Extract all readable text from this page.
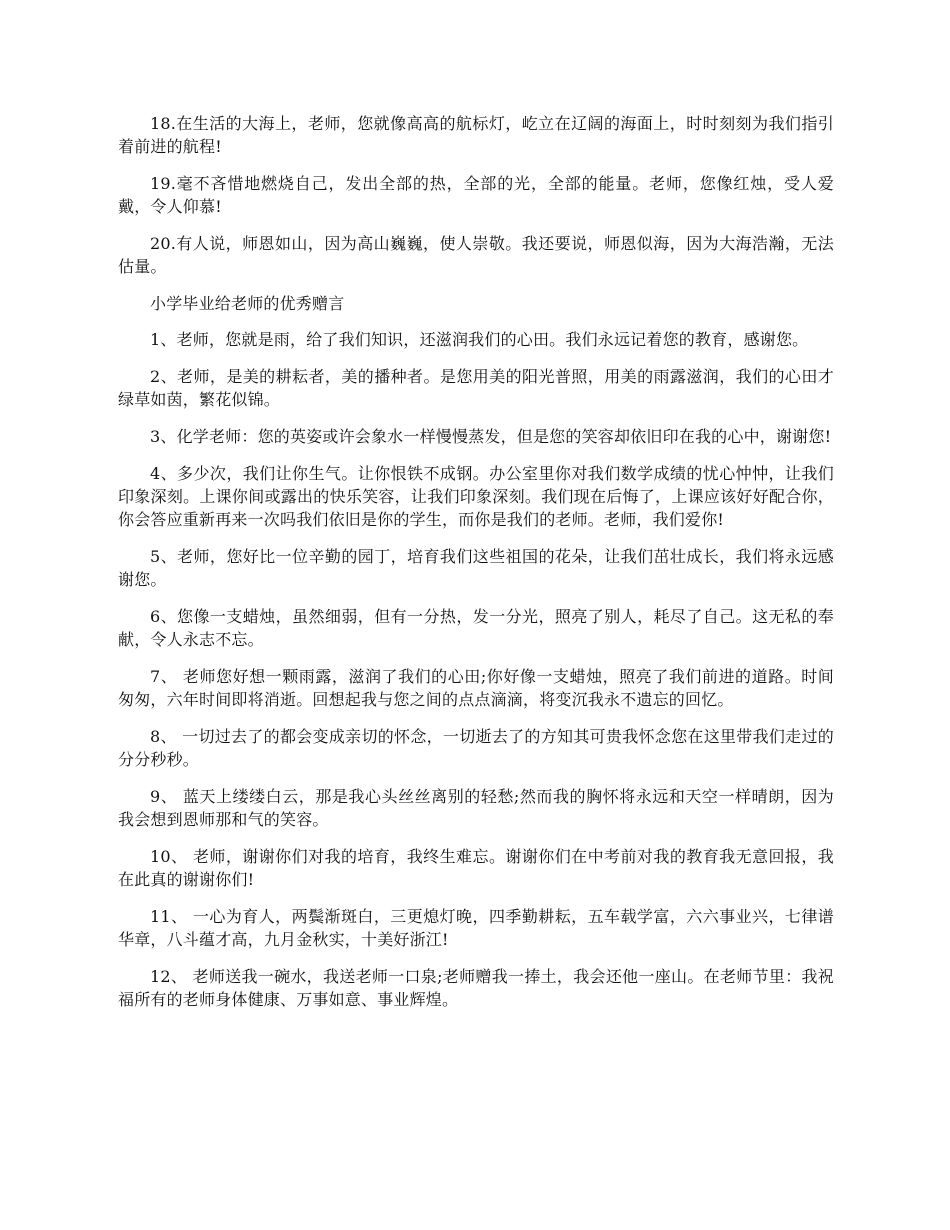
18.在生活的大海上，老师，您就像高高的航标灯，屹立在辽阔的海面上，时时刻刻为我们指引着前进的航程!

19.毫不吝惜地燃烧自己，发出全部的热，全部的光，全部的能量。老师，您像红烛，受人爱戴，令人仰慕!

20.有人说，师恩如山，因为高山巍巍，使人崇敬。我还要说，师恩似海，因为大海浩瀚，无法估量。

小学毕业给老师的优秀赠言

1、老师，您就是雨，给了我们知识，还滋润我们的心田。我们永远记着您的教育，感谢您。

2、老师，是美的耕耘者，美的播种者。是您用美的阳光普照，用美的雨露滋润，我们的心田才绿草如茵，繁花似锦。

3、化学老师：您的英姿或许会象水一样慢慢蒸发，但是您的笑容却依旧印在我的心中，谢谢您!

4、多少次，我们让你生气。让你恨铁不成钢。办公室里你对我们数学成绩的忧心忡忡，让我们印象深刻。上课你间或露出的快乐笑容，让我们印象深刻。我们现在后悔了，上课应该好好配合你，你会答应重新再来一次吗我们依旧是你的学生，而你是我们的老师。老师，我们爱你!

5、老师，您好比一位辛勤的园丁，培育我们这些祖国的花朵，让我们茁壮成长，我们将永远感谢您。

6、您像一支蜡烛，虽然细弱，但有一分热，发一分光，照亮了别人，耗尽了自己。这无私的奉献，令人永志不忘。

7、 老师您好想一颗雨露，滋润了我们的心田;你好像一支蜡烛，照亮了我们前进的道路。时间匆匆，六年时间即将消逝。回想起我与您之间的点点滴滴，将变沉我永不遗忘的回忆。

8、 一切过去了的都会变成亲切的怀念，一切逝去了的方知其可贵我怀念您在这里带我们走过的分分秒秒。

9、 蓝天上缕缕白云，那是我心头丝丝离别的轻愁;然而我的胸怀将永远和天空一样晴朗，因为我会想到恩师那和气的笑容。

10、 老师，谢谢你们对我的培育，我终生难忘。谢谢你们在中考前对我的教育我无意回报，我在此真的谢谢你们!

11、 一心为育人，两鬓渐斑白，三更熄灯晚，四季勤耕耘，五车载学富，六六事业兴，七律谱华章，八斗蕴才高，九月金秋实，十美好浙江!

12、 老师送我一碗水，我送老师一口泉;老师赠我一捧土，我会还他一座山。在老师节里：我祝福所有的老师身体健康、万事如意、事业辉煌。
